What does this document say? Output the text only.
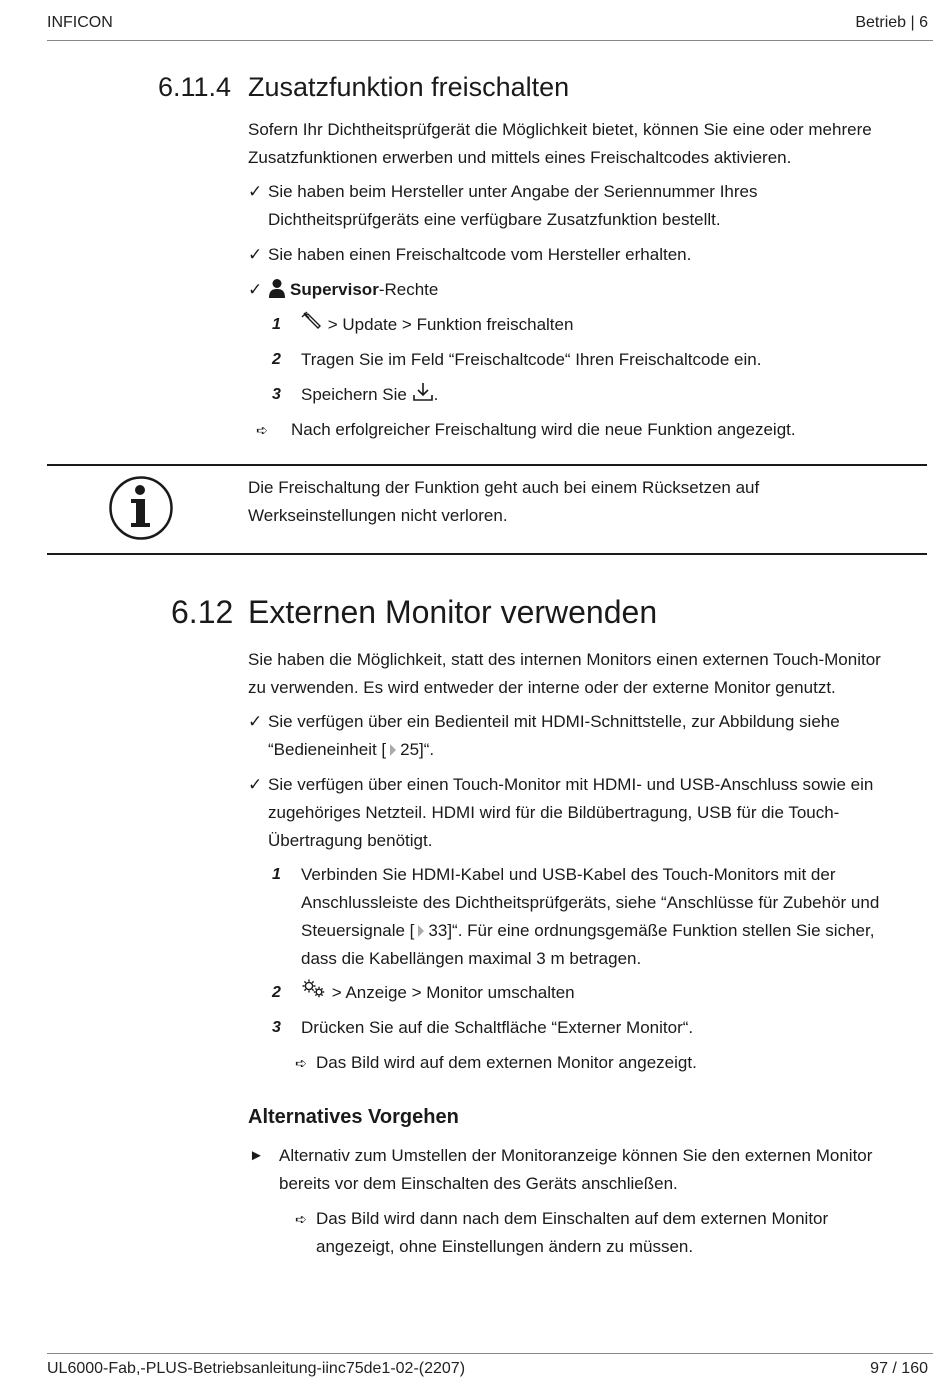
INFICON	Betrieb | 6
6.11.4 Zusatzfunktion freischalten
Sofern Ihr Dichtheitsprüfgerät die Möglichkeit bietet, können Sie eine oder mehrere
Zusatzfunktionen erwerben und mittels eines Freischaltcodes aktivieren.
✓ Sie haben beim Hersteller unter Angabe der Seriennummer Ihres
Dichtheitsprüfgeräts eine verfügbare Zusatzfunktion bestellt.
✓ Sie haben einen Freischaltcode vom Hersteller erhalten.
✓	Supervisor-Rechte
1	> Update > Funktion freischalten
2 Tragen Sie im Feld “Freischaltcode“ Ihren Freischaltcode ein.
3 Speichern Sie .
➪ Nach erfolgreicher Freischaltung wird die neue Funktion angezeigt.
Die Freischaltung der Funktion geht auch bei einem Rücksetzen auf
Werkseinstellungen nicht verloren.
6.12 Externen Monitor verwenden
Sie haben die Möglichkeit, statt des internen Monitors einen externen Touch-Monitor
zu verwenden. Es wird entweder der interne oder der externe Monitor genutzt.
✓ Sie verfügen über ein Bedienteil mit HDMI-Schnittstelle, zur Abbildung siehe
“Bedieneinheit [ 25]“.
✓ Sie verfügen über einen Touch-Monitor mit HDMI- und USB-Anschluss sowie ein
zugehöriges Netzteil. HDMI wird für die Bildübertragung, USB für die Touch-
Übertragung benötigt.
1 Verbinden Sie HDMI-Kabel und USB-Kabel des Touch-Monitors mit der
Anschlussleiste des Dichtheitsprüfgeräts, siehe “Anschlüsse für Zubehör und
Steuersignale [ 33]“. Für eine ordnungsgemäße Funktion stellen Sie sicher,
dass die Kabellängen maximal 3 m betragen.
2	> Anzeige > Monitor umschalten
3 Drücken Sie auf die Schaltfläche “Externer Monitor“.
➪ Das Bild wird auf dem externen Monitor angezeigt.
Alternatives Vorgehen
► Alternativ zum Umstellen der Monitoranzeige können Sie den externen Monitor
bereits vor dem Einschalten des Geräts anschließen.
➪ Das Bild wird dann nach dem Einschalten auf dem externen Monitor
angezeigt, ohne Einstellungen ändern zu müssen.
UL6000-Fab,-PLUS-Betriebsanleitung-iinc75de1-02-(2207)	97 / 160
